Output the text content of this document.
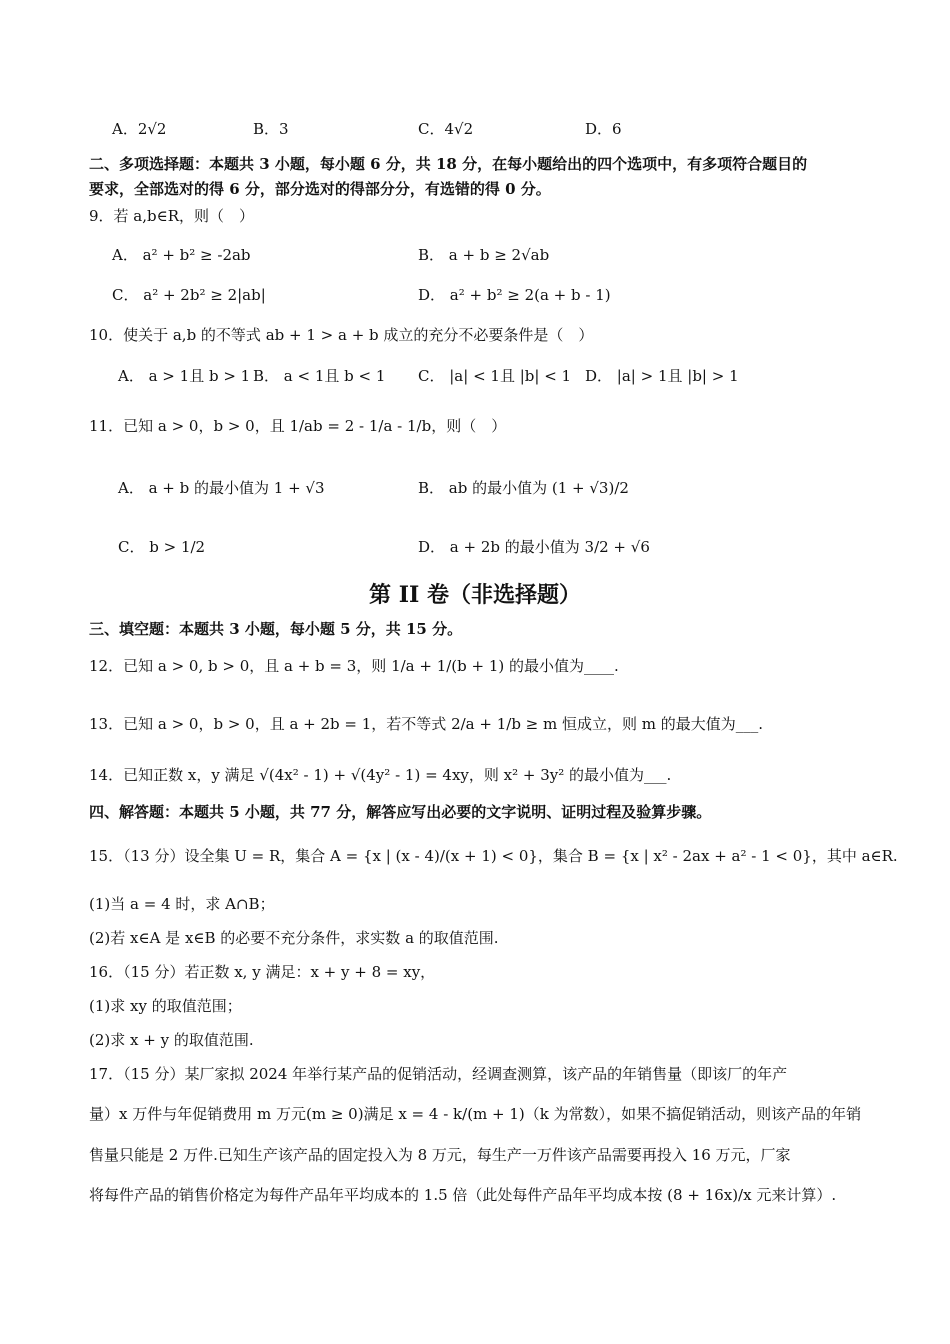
A．2√2	B．3	C．4√2	D．6
二、多项选择题：本题共 3 小题，每小题 6 分，共 18 分，在每小题给出的四个选项中，有多项符合题目的
要求，全部选对的得 6 分，部分选对的得部分分，有选错的得 0 分。
9．若 a,b∈R，则（　）
A． a² + b² ≥ -2ab	B． a + b ≥ 2√ab
C． a² + 2b² ≥ 2|ab|	D． a² + b² ≥ 2(a + b - 1)
10．使关于 a,b 的不等式 ab + 1 > a + b 成立的充分不必要条件是（　）
A． a > 1且 b > 1 B． a < 1且 b < 1 C． |a| < 1且 |b| < 1 D． |a| > 1且 |b| > 1
11．已知 a > 0，b > 0，且 1/ab = 2 - 1/a - 1/b，则（　）
A． a + b 的最小值为 1 + √3	B． ab 的最小值为 (1 + √3)/2
C． b > 1/2	D． a + 2b 的最小值为 3/2 + √6
第 II 卷（非选择题）
三、填空题：本题共 3 小题，每小题 5 分，共 15 分。
12．已知 a > 0, b > 0，且 a + b = 3，则 1/a + 1/(b + 1) 的最小值为____.
13．已知 a > 0，b > 0，且 a + 2b = 1，若不等式 2/a + 1/b ≥ m 恒成立，则 m 的最大值为___.
14．已知正数 x，y 满足 √(4x² - 1) + √(4y² - 1) = 4xy，则 x² + 3y² 的最小值为___.
四、解答题：本题共 5 小题，共 77 分，解答应写出必要的文字说明、证明过程及验算步骤。
15．（13 分）设全集 U = R，集合 A = {x | (x - 4)/(x + 1) < 0}，集合 B = {x | x² - 2ax + a² - 1 < 0}，其中 a∈R.
(1)当 a = 4 时，求 A∩B；
(2)若 x∈A 是 x∈B 的必要不充分条件，求实数 a 的取值范围.
16．（15 分）若正数 x, y 满足：x + y + 8 = xy，
(1)求 xy 的取值范围；
(2)求 x + y 的取值范围.
17．（15 分）某厂家拟 2024 年举行某产品的促销活动，经调查测算，该产品的年销售量（即该厂的年产
量）x 万件与年促销费用 m 万元(m ≥ 0)满足 x = 4 - k/(m + 1)（k 为常数），如果不搞促销活动，则该产品的年销
售量只能是 2 万件.已知生产该产品的固定投入为 8 万元，每生产一万件该产品需要再投入 16 万元，厂家
将每件产品的销售价格定为每件产品年平均成本的 1.5 倍（此处每件产品年平均成本按 (8 + 16x)/x 元来计算）.
